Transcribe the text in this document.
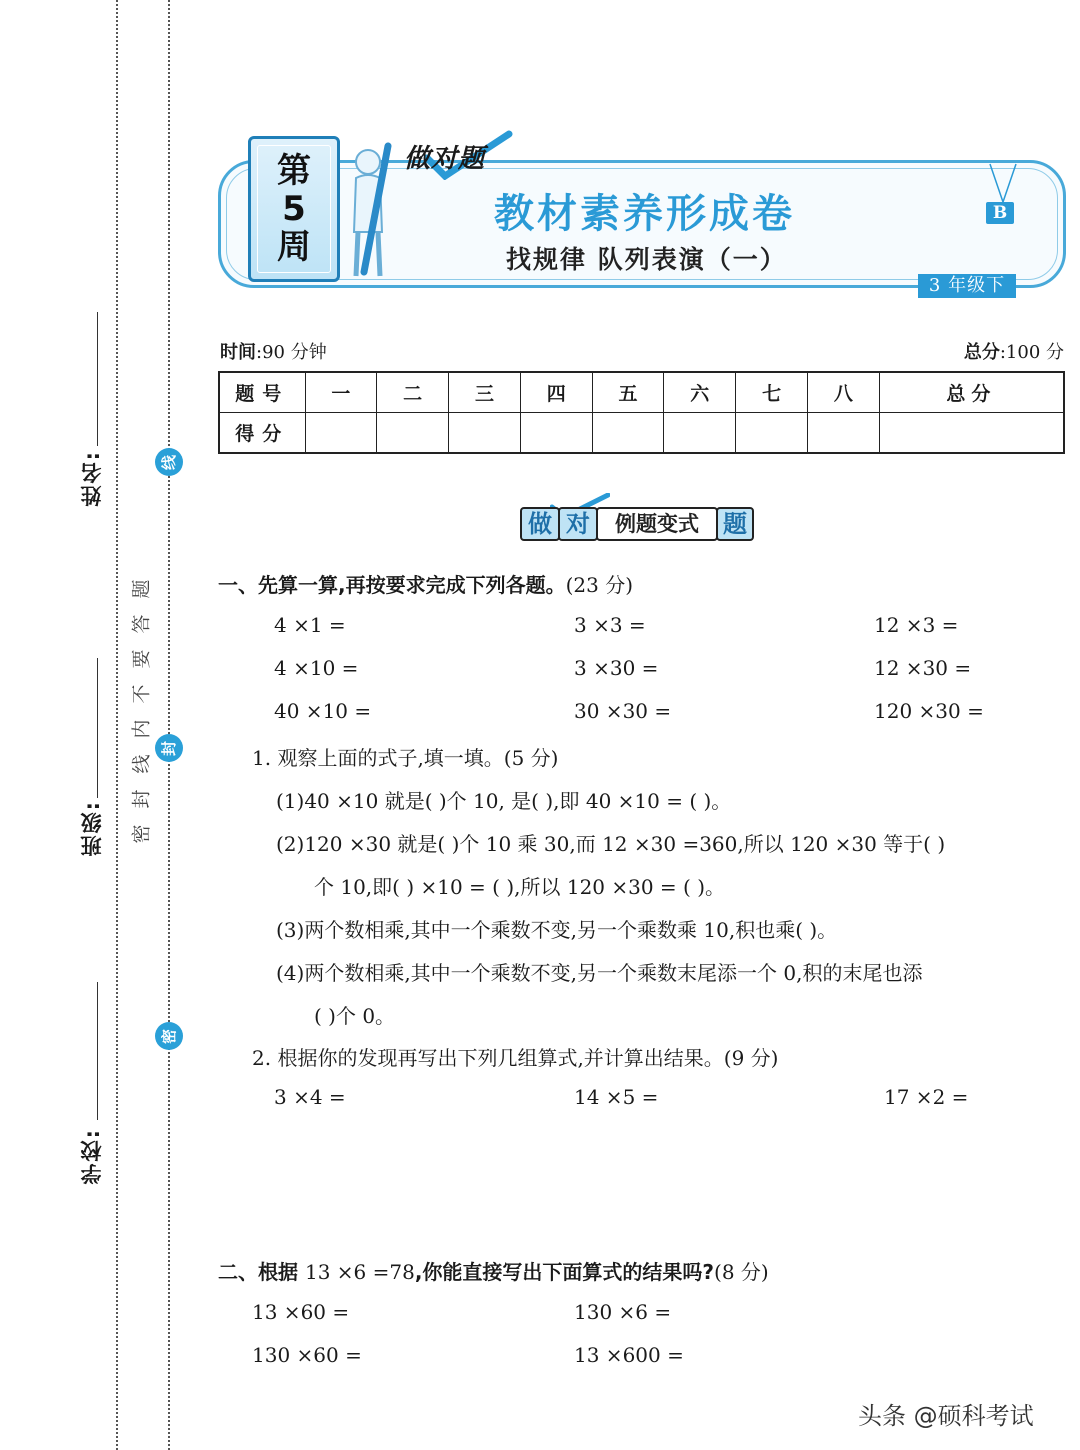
姓名:
班级:
学校:
题
答
要
不
内
线
封
密
线
封
密
第
5
周
做对题
教材素养形成卷
找规律 队列表演（一）
B
3 年级下
时间:90 分钟	总分:100 分
题号	一	二	三	四	五	六	七	八	总分
得分									
做 对	例题变式	题
一、先算一算,再按要求完成下列各题。(23 分)
4 ×1 =	3 ×3 =	12 ×3 =
4 ×10 =	3 ×30 =	12 ×30 =
40 ×10 =	30 ×30 =	120 ×30 =
1. 观察上面的式子,填一填。(5 分)
(1)40 ×10 就是( )个 10, 是( ),即 40 ×10 = ( )。
(2)120 ×30 就是( )个 10 乘 30,而 12 ×30 =360,所以 120 ×30 等于( )
个 10,即( ) ×10 = ( ),所以 120 ×30 = ( )。
(3)两个数相乘,其中一个乘数不变,另一个乘数乘 10,积也乘( )。
(4)两个数相乘,其中一个乘数不变,另一个乘数末尾添一个 0,积的末尾也添
( )个 0。
2. 根据你的发现再写出下列几组算式,并计算出结果。(9 分)
3 ×4 =	14 ×5 =	17 ×2 =
二、根据 13 ×6 =78,你能直接写出下面算式的结果吗?(8 分)
13 ×60 =	130 ×6 =
130 ×60 =	13 ×600 =
头条 @硕科考试
